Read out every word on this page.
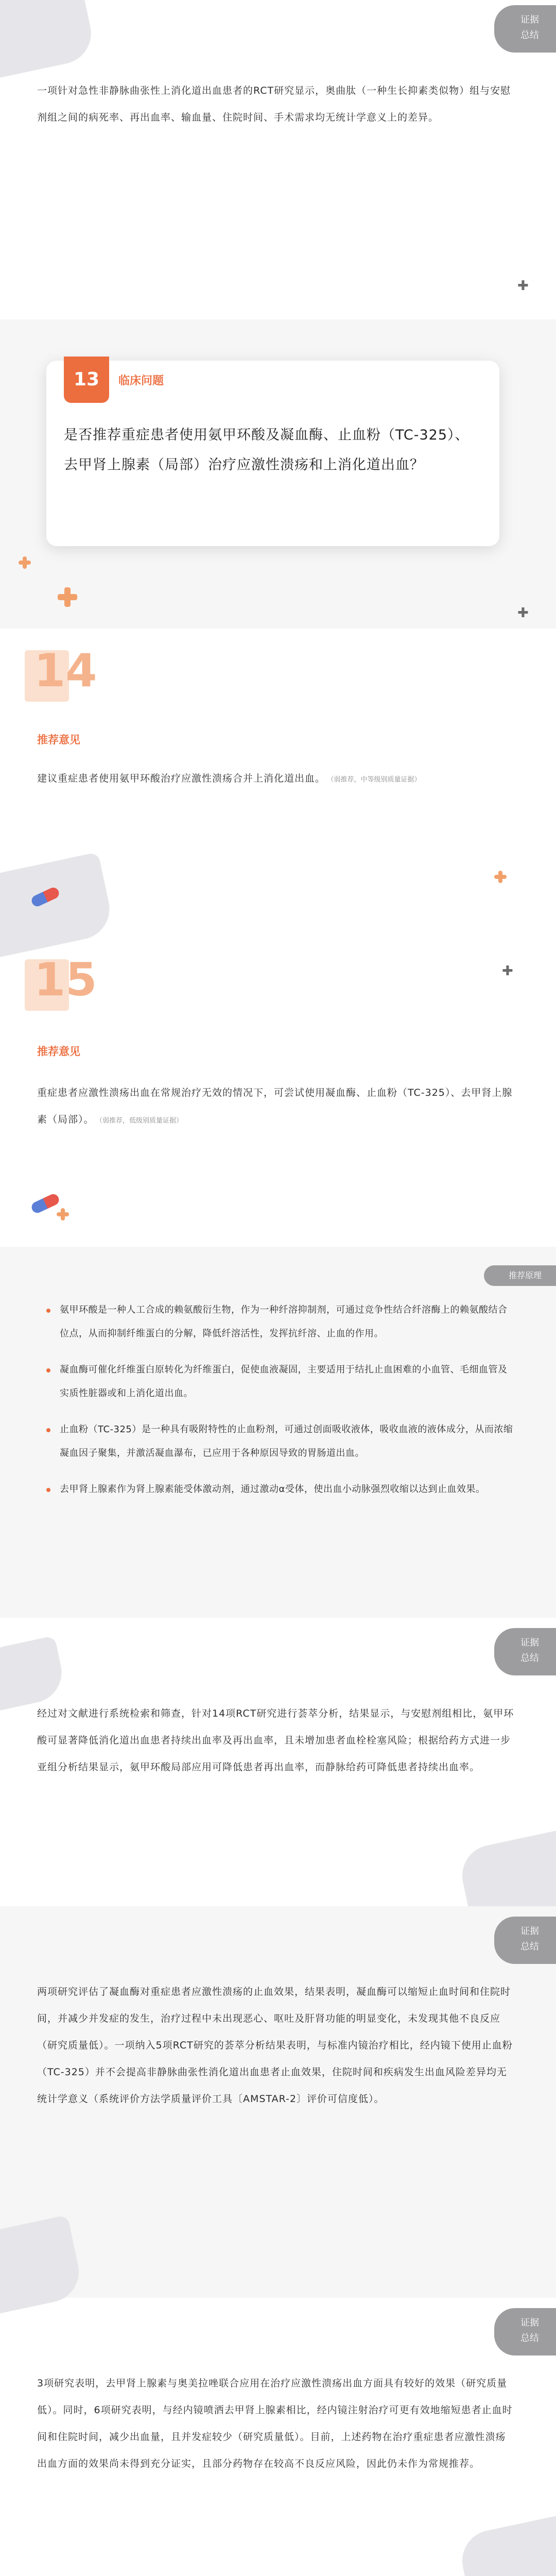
证据
总结

一项针对急性非静脉曲张性上消化道出血患者的RCT研究显示，奥曲肽（一种生长抑素类似物）组与安慰剂组之间的病死率、再出血率、输血量、住院时间、手术需求均无统计学意义上的差异。

✚
13	临床问题
是否推荐重症患者使用氨甲环酸及凝血酶、止血粉（TC-325）、去甲肾上腺素（局部）治疗应激性溃疡和上消化道出血？
14
推荐意见

建议重症患者使用氨甲环酸治疗应激性溃疡合并上消化道出血。 （弱推荐，中等级别质量证据）

✚
15	✚
推荐意见

重症患者应激性溃疡出血在常规治疗无效的情况下，可尝试使用凝血酶、止血粉（TC-325）、去甲肾上腺素（局部）。 （弱推荐，低级别质量证据）

推荐原理
氨甲环酸是一种人工合成的赖氨酸衍生物，作为一种纤溶抑制剂，可通过竞争性结合纤溶酶上的赖氨酸结合位点，从而抑制纤维蛋白的分解，降低纤溶活性，发挥抗纤溶、止血的作用。
凝血酶可催化纤维蛋白原转化为纤维蛋白，促使血液凝固，主要适用于结扎止血困难的小血管、毛细血管及实质性脏器或和上消化道出血。
止血粉（TC-325）是一种具有吸附特性的止血粉剂，可通过创面吸收液体，吸收血液的液体成分，从而浓缩凝血因子聚集，并激活凝血瀑布，已应用于各种原因导致的胃肠道出血。
去甲肾上腺素作为肾上腺素能受体激动剂，通过激动α受体，使出血小动脉强烈收缩以达到止血效果。
证据
总结

经过对文献进行系统检索和筛查，针对14项RCT研究进行荟萃分析，结果显示，与安慰剂组相比，氨甲环酸可显著降低消化道出血患者持续出血率及再出血率，且未增加患者血栓栓塞风险；根据给药方式进一步亚组分析结果显示，氨甲环酸局部应用可降低患者再出血率，而静脉给药可降低患者持续出血率。

证据
总结

两项研究评估了凝血酶对重症患者应激性溃疡的止血效果，结果表明，凝血酶可以缩短止血时间和住院时间，并减少并发症的发生，治疗过程中未出现恶心、呕吐及肝肾功能的明显变化，未发现其他不良反应（研究质量低）。一项纳入5项RCT研究的荟萃分析结果表明，与标准内镜治疗相比，经内镜下使用止血粉（TC-325）并不会提高非静脉曲张性消化道出血患者止血效果，住院时间和疾病发生出血风险差异均无统计学意义（系统评价方法学质量评价工具〔AMSTAR-2〕评价可信度低）。

证据
总结

3项研究表明，去甲肾上腺素与奥美拉唑联合应用在治疗应激性溃疡出血方面具有较好的效果（研究质量低）。同时，6项研究表明，与经内镜喷洒去甲肾上腺素相比，经内镜注射治疗可更有效地缩短患者止血时间和住院时间，减少出血量，且并发症较少（研究质量低）。目前，上述药物在治疗重症患者应激性溃疡出血方面的效果尚未得到充分证实，且部分药物存在较高不良反应风险，因此仍未作为常规推荐。
